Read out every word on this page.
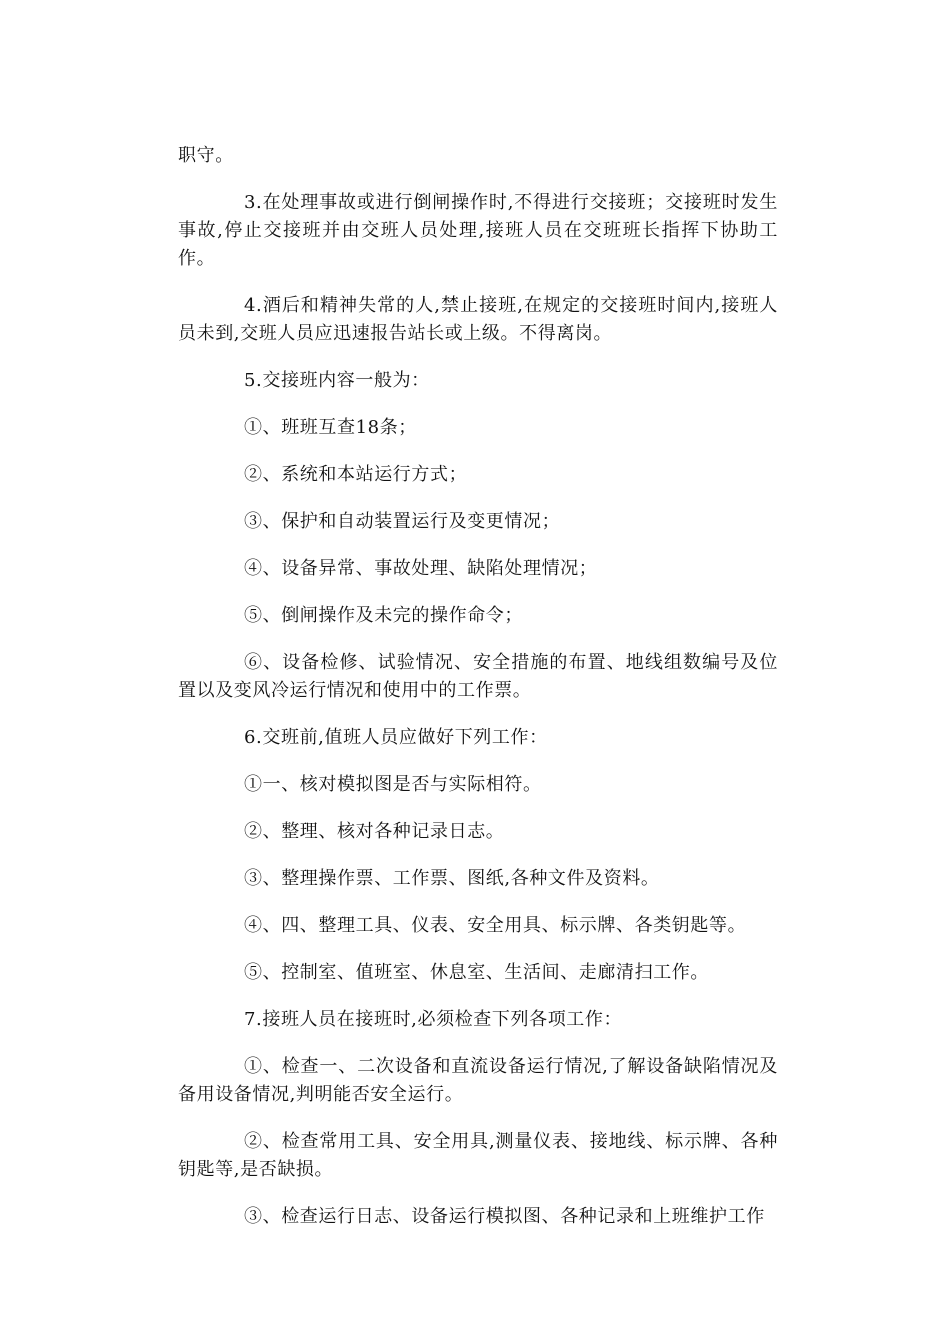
职守。

3.在处理事故或进行倒闸操作时,不得进行交接班；交接班时发生事故,停止交接班并由交班人员处理,接班人员在交班班长指挥下协助工作。

4.酒后和精神失常的人,禁止接班,在规定的交接班时间内,接班人员未到,交班人员应迅速报告站长或上级。不得离岗。

5.交接班内容一般为：

①、班班互查18条；

②、系统和本站运行方式；

③、保护和自动装置运行及变更情况；

④、设备异常、事故处理、缺陷处理情况；

⑤、倒闸操作及未完的操作命令；

⑥、设备检修、试验情况、安全措施的布置、地线组数编号及位置以及变风冷运行情况和使用中的工作票。

6.交班前,值班人员应做好下列工作：

①一、核对模拟图是否与实际相符。

②、整理、核对各种记录日志。

③、整理操作票、工作票、图纸,各种文件及资料。

④、四、整理工具、仪表、安全用具、标示牌、各类钥匙等。

⑤、控制室、值班室、休息室、生活间、走廊清扫工作。

7.接班人员在接班时,必须检查下列各项工作：

①、检查一、二次设备和直流设备运行情况,了解设备缺陷情况及备用设备情况,判明能否安全运行。

②、检查常用工具、安全用具,测量仪表、接地线、标示牌、各种钥匙等,是否缺损。

③、检查运行日志、设备运行模拟图、各种记录和上班维护工作
